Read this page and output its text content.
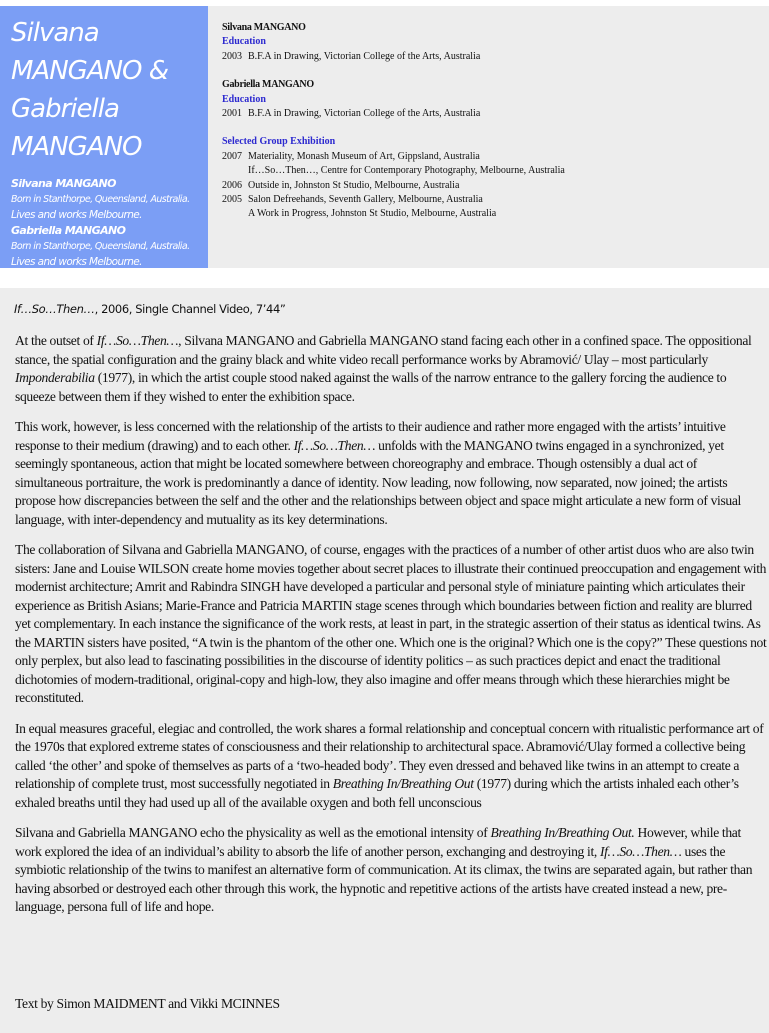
Silvana MANGANO & Gabriella MANGANO
Silvana MANGANO
Born in Stanthorpe, Queensland, Australia.
Lives and works Melbourne.
Gabriella MANGANO
Born in Stanthorpe, Queensland, Australia.
Lives and works Melbourne.
Silvana MANGANO
Education
2003 B.F.A in Drawing, Victorian College of the Arts, Australia
Gabriella MANGANO
Education
2001 B.F.A in Drawing, Victorian College of the Arts, Australia
Selected Group Exhibition
2007 Materiality, Monash Museum of Art, Gippsland, Australia
If…So…Then…, Centre for Contemporary Photography, Melbourne, Australia
2006 Outside in, Johnston St Studio, Melbourne, Australia
2005 Salon Defreehands, Seventh Gallery, Melbourne, Australia
A Work in Progress, Johnston St Studio, Melbourne, Australia
If…So…Then…, 2006, Single Channel Video, 7’44”

At the outset of If…So…Then…, Silvana MANGANO and Gabriella MANGANO stand facing each other in a confined space. The oppositional stance, the spatial configuration and the grainy black and white video recall performance works by Abramović/ Ulay – most particularly Imponderabilia (1977), in which the artist couple stood naked against the walls of the narrow entrance to the gallery forcing the audience to squeeze between them if they wished to enter the exhibition space.

This work, however, is less concerned with the relationship of the artists to their audience and rather more engaged with the artists’ intuitive response to their medium (drawing) and to each other. If…So…Then… unfolds with the MANGANO twins engaged in a synchronized, yet seemingly spontaneous, action that might be located somewhere between choreography and embrace. Though ostensibly a dual act of simultaneous portraiture, the work is predominantly a dance of identity. Now leading, now following, now separated, now joined; the artists propose how discrepancies between the self and the other and the relationships between object and space might articulate a new form of visual language, with inter-dependency and mutuality as its key determinations.

The collaboration of Silvana and Gabriella MANGANO, of course, engages with the practices of a number of other artist duos who are also twin sisters: Jane and Louise WILSON create home movies together about secret places to illustrate their continued preoccupation and engagement with modernist architecture; Amrit and Rabindra SINGH have developed a particular and personal style of miniature painting which articulates their experience as British Asians; Marie-France and Patricia MARTIN stage scenes through which boundaries between fiction and reality are blurred yet complementary. In each instance the significance of the work rests, at least in part, in the strategic assertion of their status as identical twins. As the MARTIN sisters have posited, “A twin is the phantom of the other one. Which one is the original? Which one is the copy?” These questions not only perplex, but also lead to fascinating possibilities in the discourse of identity politics – as such practices depict and enact the traditional dichotomies of modern-traditional, original-copy and high-low, they also imagine and offer means through which these hierarchies might be reconstituted.

In equal measures graceful, elegiac and controlled, the work shares a formal relationship and conceptual concern with ritualistic performance art of the 1970s that explored extreme states of consciousness and their relationship to architectural space. Abramović/Ulay formed a collective being called ‘the other’ and spoke of themselves as parts of a ‘two-headed body’. They even dressed and behaved like twins in an attempt to create a relationship of complete trust, most successfully negotiated in Breathing In/Breathing Out (1977) during which the artists inhaled each other’s exhaled breaths until they had used up all of the available oxygen and both fell unconscious

Silvana and Gabriella MANGANO echo the physicality as well as the emotional intensity of Breathing In/Breathing Out. However, while that work explored the idea of an individual’s ability to absorb the life of another person, exchanging and destroying it, If…So…Then… uses the symbiotic relationship of the twins to manifest an alternative form of communication. At its climax, the twins are separated again, but rather than having absorbed or destroyed each other through this work, the hypnotic and repetitive actions of the artists have created instead a new, pre-language, persona full of life and hope.

Text by Simon MAIDMENT and Vikki MCINNES
